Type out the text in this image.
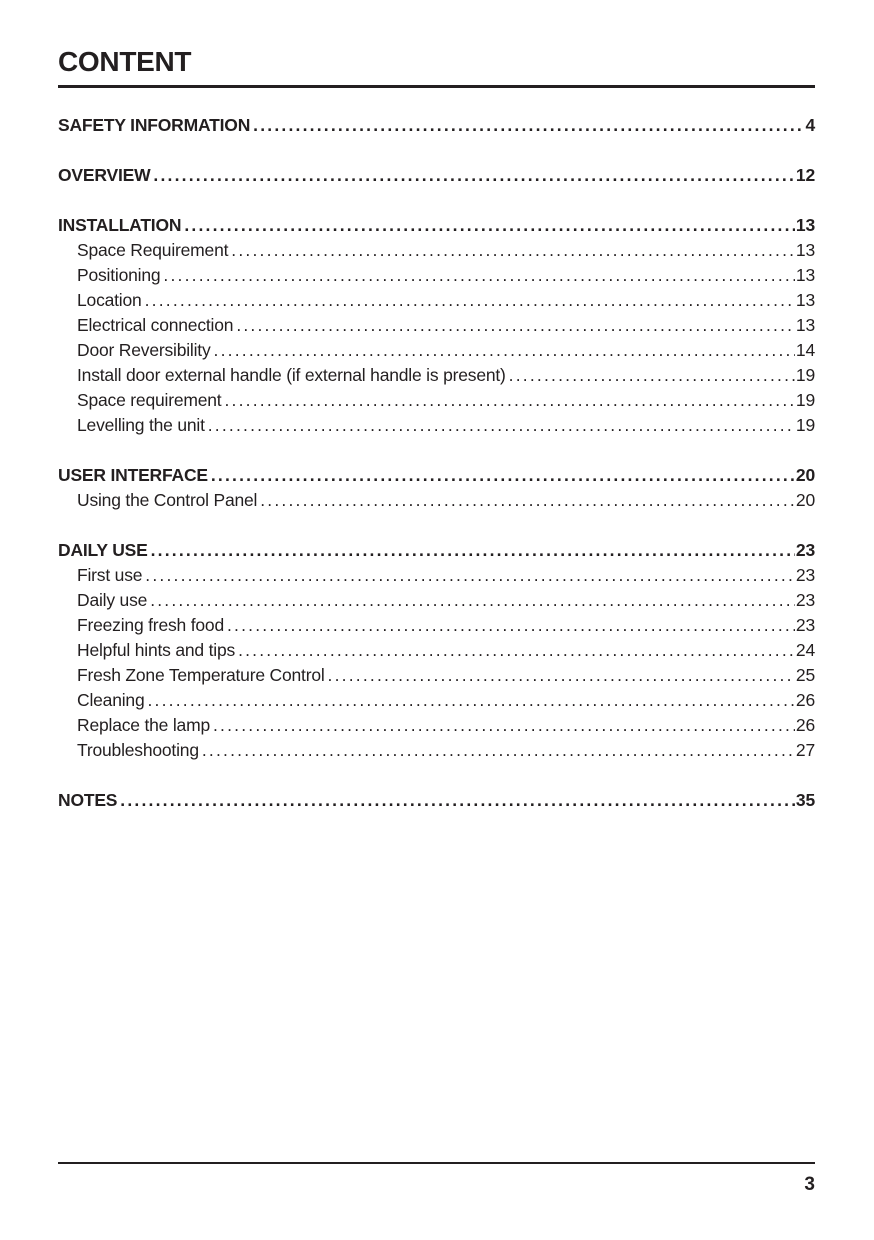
CONTENT
SAFETY INFORMATION .....	4
OVERVIEW .....	12
INSTALLATION .....	13
Space Requirement .....	13
Positioning .....	13
Location .....	13
Electrical connection .....	13
Door Reversibility .....	14
Install door external handle (if external handle is present) .....	19
Space requirement .....	19
Levelling the unit .....	19
USER INTERFACE .....	20
Using the Control Panel .....	20
DAILY USE .....	23
First use .....	23
Daily use .....	23
Freezing fresh food .....	23
Helpful hints and tips .....	24
Fresh Zone Temperature Control .....	25
Cleaning .....	26
Replace the lamp .....	26
Troubleshooting .....	27
NOTES .....	35
3
